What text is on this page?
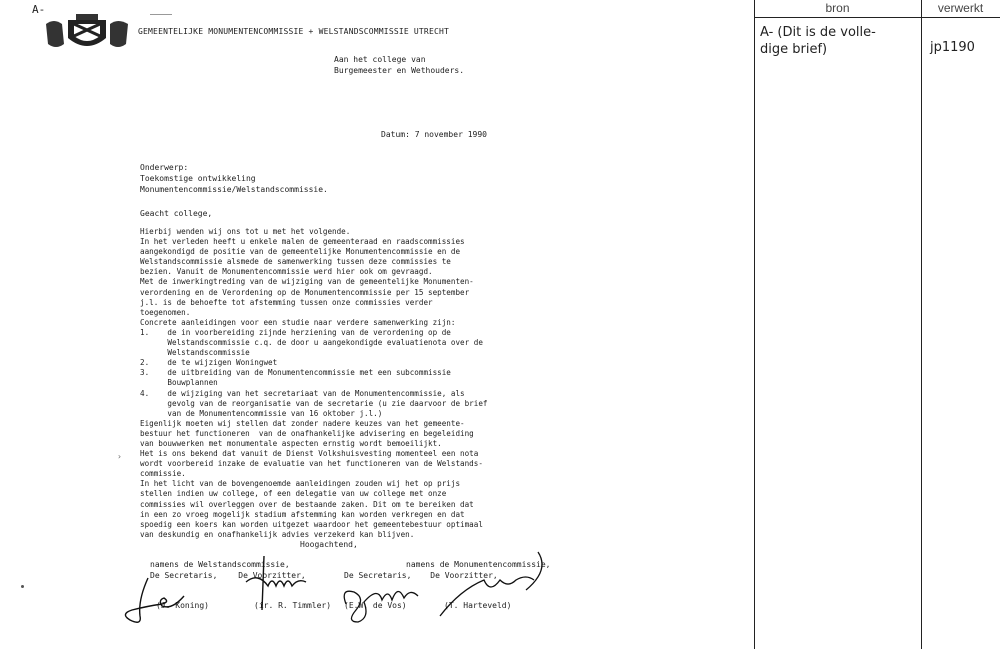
A-
GEMEENTELIJKE MONUMENTENCOMMISSIE + WELSTANDSCOMMISSIE UTRECHT
Aan het college van
Burgemeester en Wethouders.
Datum: 7 november 1990
Onderwerp:
Toekomstige ontwikkeling
Monumentencommissie/Welstandscommissie.
Geacht college,
Hierbij wenden wij ons tot u met het volgende.
In het verleden heeft u enkele malen de gemeenteraad en raadscommissies
aangekondigd de positie van de gemeentelijke Monumentencommissie en de
Welstandscommissie alsmede de samenwerking tussen deze commissies te
bezien. Vanuit de Monumentencommissie werd hier ook om gevraagd.
Met de inwerkingtreding van de wijziging van de gemeentelijke Monumenten-
verordening en de Verordening op de Monumentencommissie per 15 september
j.l. is de behoefte tot afstemming tussen onze commissies verder
toegenomen.
Concrete aanleidingen voor een studie naar verdere samenwerking zijn:
1.    de in voorbereiding zijnde herziening van de verordening op de
Welstandscommissie c.q. de door u aangekondigde evaluatienota over de
Welstandscommissie
2.    de te wijzigen Woningwet
3.    de uitbreiding van de Monumentencommissie met een subcommissie
Bouwplannen
4.    de wijziging van het secretariaat van de Monumentencommissie, als
gevolg van de reorganisatie van de secretarie (u zie daarvoor de brief
van de Monumentencommissie van 16 oktober j.l.)
Eigenlijk moeten wij stellen dat zonder nadere keuzes van het gemeente-
bestuur het functioneren  van de onafhankelijke advisering en begeleiding
van bouwwerken met monumentale aspecten ernstig wordt bemoeilijkt.
Het is ons bekend dat vanuit de Dienst Volkshuisvesting momenteel een nota
wordt voorbereid inzake de evaluatie van het functioneren van de Welstands-
commissie.
In het licht van de bovengenoemde aanleidingen zouden wij het op prijs
stellen indien uw college, of een delegatie van uw college met onze
commissies wil overleggen over de bestaande zaken. Dit om te bereiken dat
in een zo vroeg mogelijk stadium afstemming kan worden verkregen en dat
spoedig een koers kan worden uitgezet waardoor het gemeentebestuur optimaal
van deskundig en onafhankelijk advies verzekerd kan blijven.
Hoogachtend,
namens de Welstandscommissie,
De Secretaris,	De Voorzitter,
namens de Monumentencommissie,
De Secretaris, De Voorzitter,
(J. Koning)	(ir. R. Timmler) (E.W. de Vos)	(T. Harteveld)
›
bron	verwerkt
A- (Dit is de volle-
dige brief)	jp1190
